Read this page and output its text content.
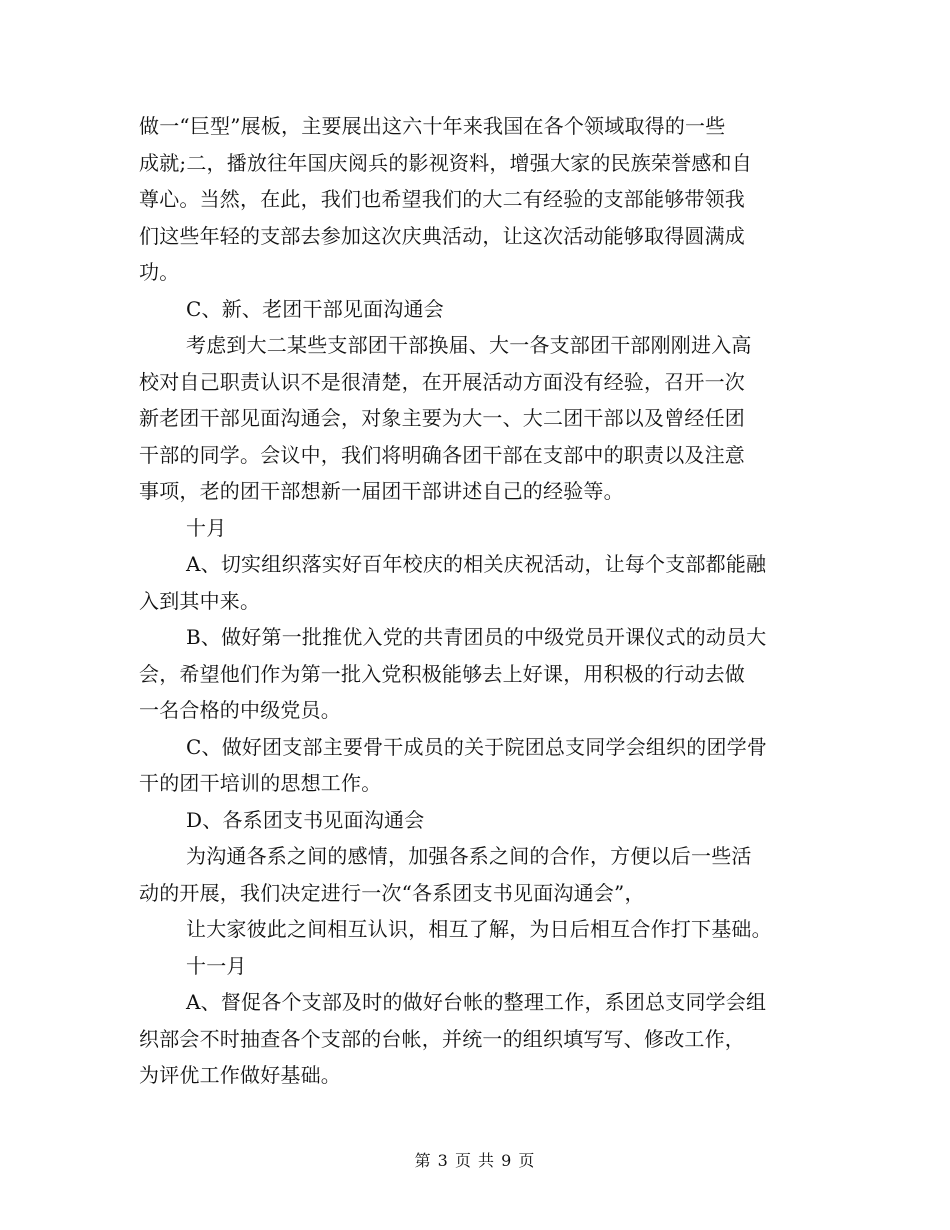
做一“巨型”展板，主要展出这六十年来我国在各个领域取得的一些
成就;二，播放往年国庆阅兵的影视资料，增强大家的民族荣誉感和自
尊心。当然，在此，我们也希望我们的大二有经验的支部能够带领我
们这些年轻的支部去参加这次庆典活动，让这次活动能够取得圆满成
功。
C、新、老团干部见面沟通会
考虑到大二某些支部团干部换届、大一各支部团干部刚刚进入高
校对自己职责认识不是很清楚，在开展活动方面没有经验，召开一次
新老团干部见面沟通会，对象主要为大一、大二团干部以及曾经任团
干部的同学。会议中，我们将明确各团干部在支部中的职责以及注意
事项，老的团干部想新一届团干部讲述自己的经验等。
十月
A、切实组织落实好百年校庆的相关庆祝活动，让每个支部都能融
入到其中来。
B、做好第一批推优入党的共青团员的中级党员开课仪式的动员大
会，希望他们作为第一批入党积极能够去上好课，用积极的行动去做
一名合格的中级党员。
C、做好团支部主要骨干成员的关于院团总支同学会组织的团学骨
干的团干培训的思想工作。
D、各系团支书见面沟通会
为沟通各系之间的感情，加强各系之间的合作，方便以后一些活
动的开展，我们决定进行一次“各系团支书见面沟通会”，
让大家彼此之间相互认识，相互了解，为日后相互合作打下基础。
十一月
A、督促各个支部及时的做好台帐的整理工作，系团总支同学会组
织部会不时抽查各个支部的台帐，并统一的组织填写写、修改工作，
为评优工作做好基础。
第 3 页 共 9 页
